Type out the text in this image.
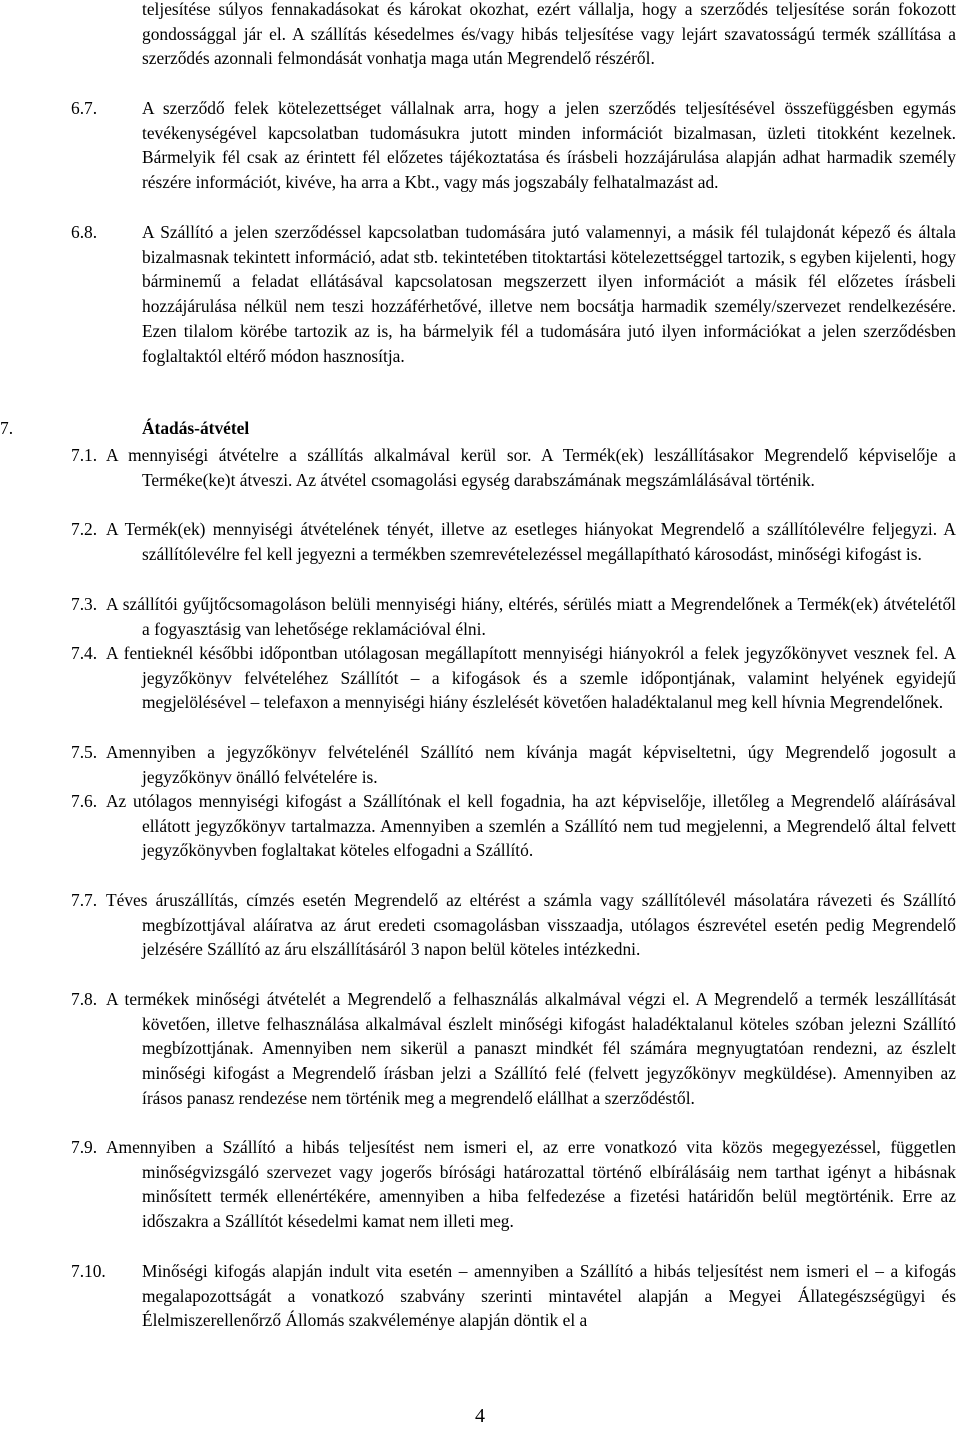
teljesítése súlyos fennakadásokat és károkat okozhat, ezért vállalja, hogy a szerződés teljesítése során fokozott gondossággal jár el. A szállítás késedelmes és/vagy hibás teljesítése vagy lejárt szavatosságú termék szállítása a szerződés azonnali felmondását vonhatja maga után Megrendelő részéről.

6.7.	A szerződő felek kötelezettséget vállalnak arra, hogy a jelen szerződés teljesítésével összefüggésben egymás tevékenységével kapcsolatban tudomásukra jutott minden információt bizalmasan, üzleti titokként kezelnek. Bármelyik fél csak az érintett fél előzetes tájékoztatása és írásbeli hozzájárulása alapján adhat harmadik személy részére információt, kivéve, ha arra a Kbt., vagy más jogszabály felhatalmazást ad.

6.8.	A Szállító a jelen szerződéssel kapcsolatban tudomására jutó valamennyi, a másik fél tulajdonát képező és általa bizalmasnak tekintett információ, adat stb. tekintetében titoktartási kötelezettséggel tartozik, s egyben kijelenti, hogy bárminemű a feladat ellátásával kapcsolatosan megszerzett ilyen információt a másik fél előzetes írásbeli hozzájárulása nélkül nem teszi hozzáférhetővé, illetve nem bocsátja harmadik személy/szervezet rendelkezésére. Ezen tilalom körébe tartozik az is, ha bármelyik fél a tudomására jutó ilyen információkat a jelen szerződésben foglaltaktól eltérő módon hasznosítja.

7.	Átadás-átvétel
7.1. A mennyiségi átvételre a szállítás alkalmával kerül sor. A Termék(ek) leszállításakor Megrendelő képviselője a Terméke(ke)t átveszi. Az átvétel csomagolási egység darabszámának megszámlálásával történik.

7.2. A Termék(ek) mennyiségi átvételének tényét, illetve az esetleges hiányokat Megrendelő a szállítólevélre feljegyzi. A szállítólevélre fel kell jegyezni a termékben szemrevételezéssel megállapítható károsodást, minőségi kifogást is.

7.3. A szállítói gyűjtőcsomagoláson belüli mennyiségi hiány, eltérés, sérülés miatt a Megrendelőnek a Termék(ek) átvételétől a fogyasztásig van lehetősége reklamációval élni.

7.4. A fentieknél későbbi időpontban utólagosan megállapított mennyiségi hiányokról a felek jegyzőkönyvet vesznek fel. A jegyzőkönyv felvételéhez Szállítót – a kifogások és a szemle időpontjának, valamint helyének egyidejű megjelölésével – telefaxon a mennyiségi hiány észlelését követően haladéktalanul meg kell hívnia Megrendelőnek.

7.5. Amennyiben a jegyzőkönyv felvételénél Szállító nem kívánja magát képviseltetni, úgy Megrendelő jogosult a jegyzőkönyv önálló felvételére is.

7.6. Az utólagos mennyiségi kifogást a Szállítónak el kell fogadnia, ha azt képviselője, illetőleg a Megrendelő aláírásával ellátott jegyzőkönyv tartalmazza. Amennyiben a szemlén a Szállító nem tud megjelenni, a Megrendelő által felvett jegyzőkönyvben foglaltakat köteles elfogadni a Szállító.

7.7. Téves áruszállítás, címzés esetén Megrendelő az eltérést a számla vagy szállítólevél másolatára rávezeti és Szállító megbízottjával aláíratva az árut eredeti csomagolásban visszaadja, utólagos észrevétel esetén pedig Megrendelő jelzésére Szállító az áru elszállításáról 3 napon belül köteles intézkedni.

7.8. A termékek minőségi átvételét a Megrendelő a felhasználás alkalmával végzi el. A Megrendelő a termék leszállítását követően, illetve felhasználása alkalmával észlelt minőségi kifogást haladéktalanul köteles szóban jelezni Szállító megbízottjának. Amennyiben nem sikerül a panaszt mindkét fél számára megnyugtatóan rendezni, az észlelt minőségi kifogást a Megrendelő írásban jelzi a Szállító felé (felvett jegyzőkönyv megküldése). Amennyiben az írásos panasz rendezése nem történik meg a megrendelő elállhat a szerződéstől.

7.9. Amennyiben a Szállító a hibás teljesítést nem ismeri el, az erre vonatkozó vita közös megegyezéssel, független minőségvizsgáló szervezet vagy jogerős bírósági határozattal történő elbírálásáig nem tarthat igényt a hibásnak minősített termék ellenértékére, amennyiben a hiba felfedezése a fizetési határidőn belül megtörténik. Erre az időszakra a Szállítót késedelmi kamat nem illeti meg.

7.10. Minőségi kifogás alapján indult vita esetén – amennyiben a Szállító a hibás teljesítést nem ismeri el – a kifogás megalapozottságát a vonatkozó szabvány szerinti mintavétel alapján a Megyei Állategészségügyi és Élelmiszerellenőrző Állomás szakvéleménye alapján döntik el a

4
